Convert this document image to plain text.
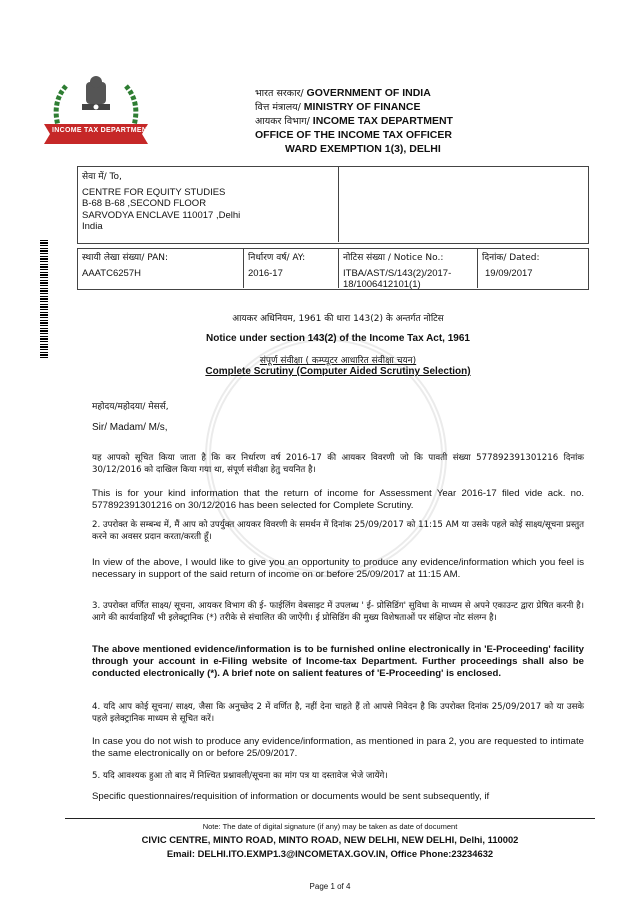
INCOME TAX DEPARTMENT
भारत सरकार/ GOVERNMENT OF INDIA
वित्त मंत्रालय/ MINISTRY OF FINANCE
आयकर विभाग/ INCOME TAX DEPARTMENT
OFFICE OF THE INCOME TAX OFFICER
WARD EXEMPTION 1(3), DELHI
सेवा में/ To,
CENTRE FOR EQUITY STUDIES
B-68 B-68 ,SECOND FLOOR
SARVODYA ENCLAVE 110017 ,Delhi
India
स्थायी लेखा संख्या/ PAN:
AAATC6257H
निर्धारण वर्ष/ AY:
2016-17
नोटिस संख्या / Notice No.:
ITBA/AST/S/143(2)/2017-
18/1006412101(1)
दिनांक/ Dated:
19/09/2017
आयकर अधिनियम, 1961 की धारा 143(2) के अन्तर्गत नोटिस
Notice under section 143(2) of the Income Tax Act, 1961
संपूर्ण संवीक्षा ( कम्प्यूटर आधारित संवीक्षा चयन)
Complete Scrutiny (Computer Aided Scrutiny Selection)
महोदय/महोदया/ मेसर्स,
Sir/ Madam/ M/s,
यह आपको सूचित किया जाता है कि कर निर्धारण वर्ष 2016-17 की आयकर विवरणी जो कि पावती संख्या 577892391301216 दिनांक 30/12/2016 को दाखिल किया गया था, संपूर्ण संवीक्षा हेतु चयनित है।
This is for your kind information that the return of income for Assessment Year 2016-17 filed vide ack. no. 577892391301216 on 30/12/2016 has been selected for Complete Scrutiny.
2. उपरोक्त के सम्बन्ध में, मैं आप को उपर्युक्त आयकर विवरणी के समर्थन में दिनांक 25/09/2017 को 11:15 AM या उसके पहले कोई साक्ष्य/सूचना प्रस्तुत करने का अवसर प्रदान करता/करती हूँ।
In view of the above, I would like to give you an opportunity to produce any evidence/information which you feel is necessary in support of the said return of income on or before 25/09/2017 at 11:15 AM.
3. उपरोक्त वर्णित साक्ष्य/ सूचना, आयकर विभाग की ई- फाईलिंग वेबसाइट में उपलब्ध ' ई- प्रोसिडिंग' सुविधा के माध्यम से अपने एकाउन्ट द्वारा प्रेषित करनी है। आगे की कार्यवाहियाँ भी इलेक्ट्रानिक (*) तरीके से संचालित की जाऐंगी। ई प्रोसिडिंग की मुख्य विशेषताओं पर संक्षिप्त नोट संलग्न है।
The above mentioned evidence/information is to be furnished online electronically in 'E-Proceeding' facility through your account in e-Filing website of Income-tax Department. Further proceedings shall also be conducted electronically (*). A brief note on salient features of 'E-Proceeding' is enclosed.
4. यदि आप कोई सूचना/ साक्ष्य, जैसा कि अनुच्छेद 2 में वर्णित है, नहीं देना चाहते हैं तो आपसे निवेदन है कि उपरोक्त दिनांक 25/09/2017 को या उसके पहले इलेक्ट्रानिक माध्यम से सूचित करें।
In case you do not wish to produce any evidence/information, as mentioned in para 2, you are requested to intimate the same electronically on or before 25/09/2017.
5. यदि आवश्यक हुआ तो बाद में निश्चित प्रश्नावली/सूचना का मांग पत्र या दस्तावेज भेजे जायेंगे।
Specific questionnaires/requisition of information or documents would be sent subsequently, if
Note: The date of digital signature (if any) may be taken as date of document
CIVIC CENTRE, MINTO ROAD, MINTO ROAD, NEW DELHI, NEW DELHI, Delhi, 110002
Email: DELHI.ITO.EXMP1.3@INCOMETAX.GOV.IN, Office Phone:23234632
Page 1 of 4
